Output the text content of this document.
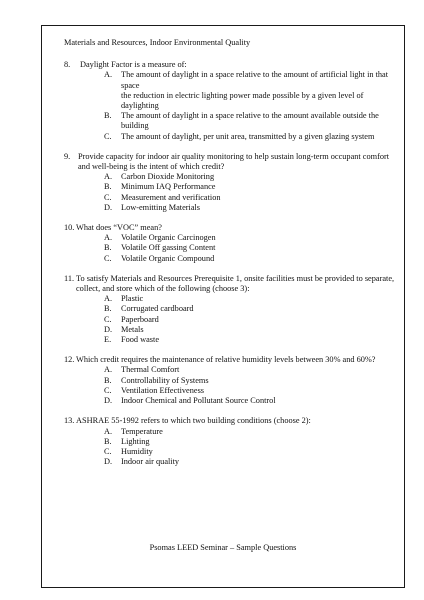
Materials and Resources, Indoor Environmental Quality
8.	Daylight Factor is a measure of:
A.	The amount of daylight in a space relative to the amount of artificial light in that space
the reduction in electric lighting power made possible by a given level of daylighting
B.	The amount of daylight in a space relative to the amount available outside the building
C.	The amount of daylight, per unit area, transmitted by a given glazing system
9. Provide capacity for indoor air quality monitoring to help sustain long-term occupant comfort and well-being is the intent of which credit?
A.	Carbon Dioxide Monitoring
B.	Minimum IAQ Performance
C.	Measurement and verification
D.	Low-emitting Materials
10. What does “VOC” mean?
A.	Volatile Organic Carcinogen
B.	Volatile Off gassing Content
C.	Volatile Organic Compound
11. To satisfy Materials and Resources Prerequisite 1, onsite facilities must be provided to separate, collect, and store which of the following (choose 3):
A.	Plastic
B.	Corrugated cardboard
C.	Paperboard
D.	Metals
E.	Food waste
12. Which credit requires the maintenance of relative humidity levels between 30% and 60%?
A.	Thermal Comfort
B.	Controllability of Systems
C.	Ventilation Effectiveness
D.	Indoor Chemical and Pollutant Source Control
13. ASHRAE 55-1992 refers to which two building conditions (choose 2):
A.	Temperature
B.	Lighting
C.	Humidity
D.	Indoor air quality
Psomas LEED Seminar – Sample Questions
